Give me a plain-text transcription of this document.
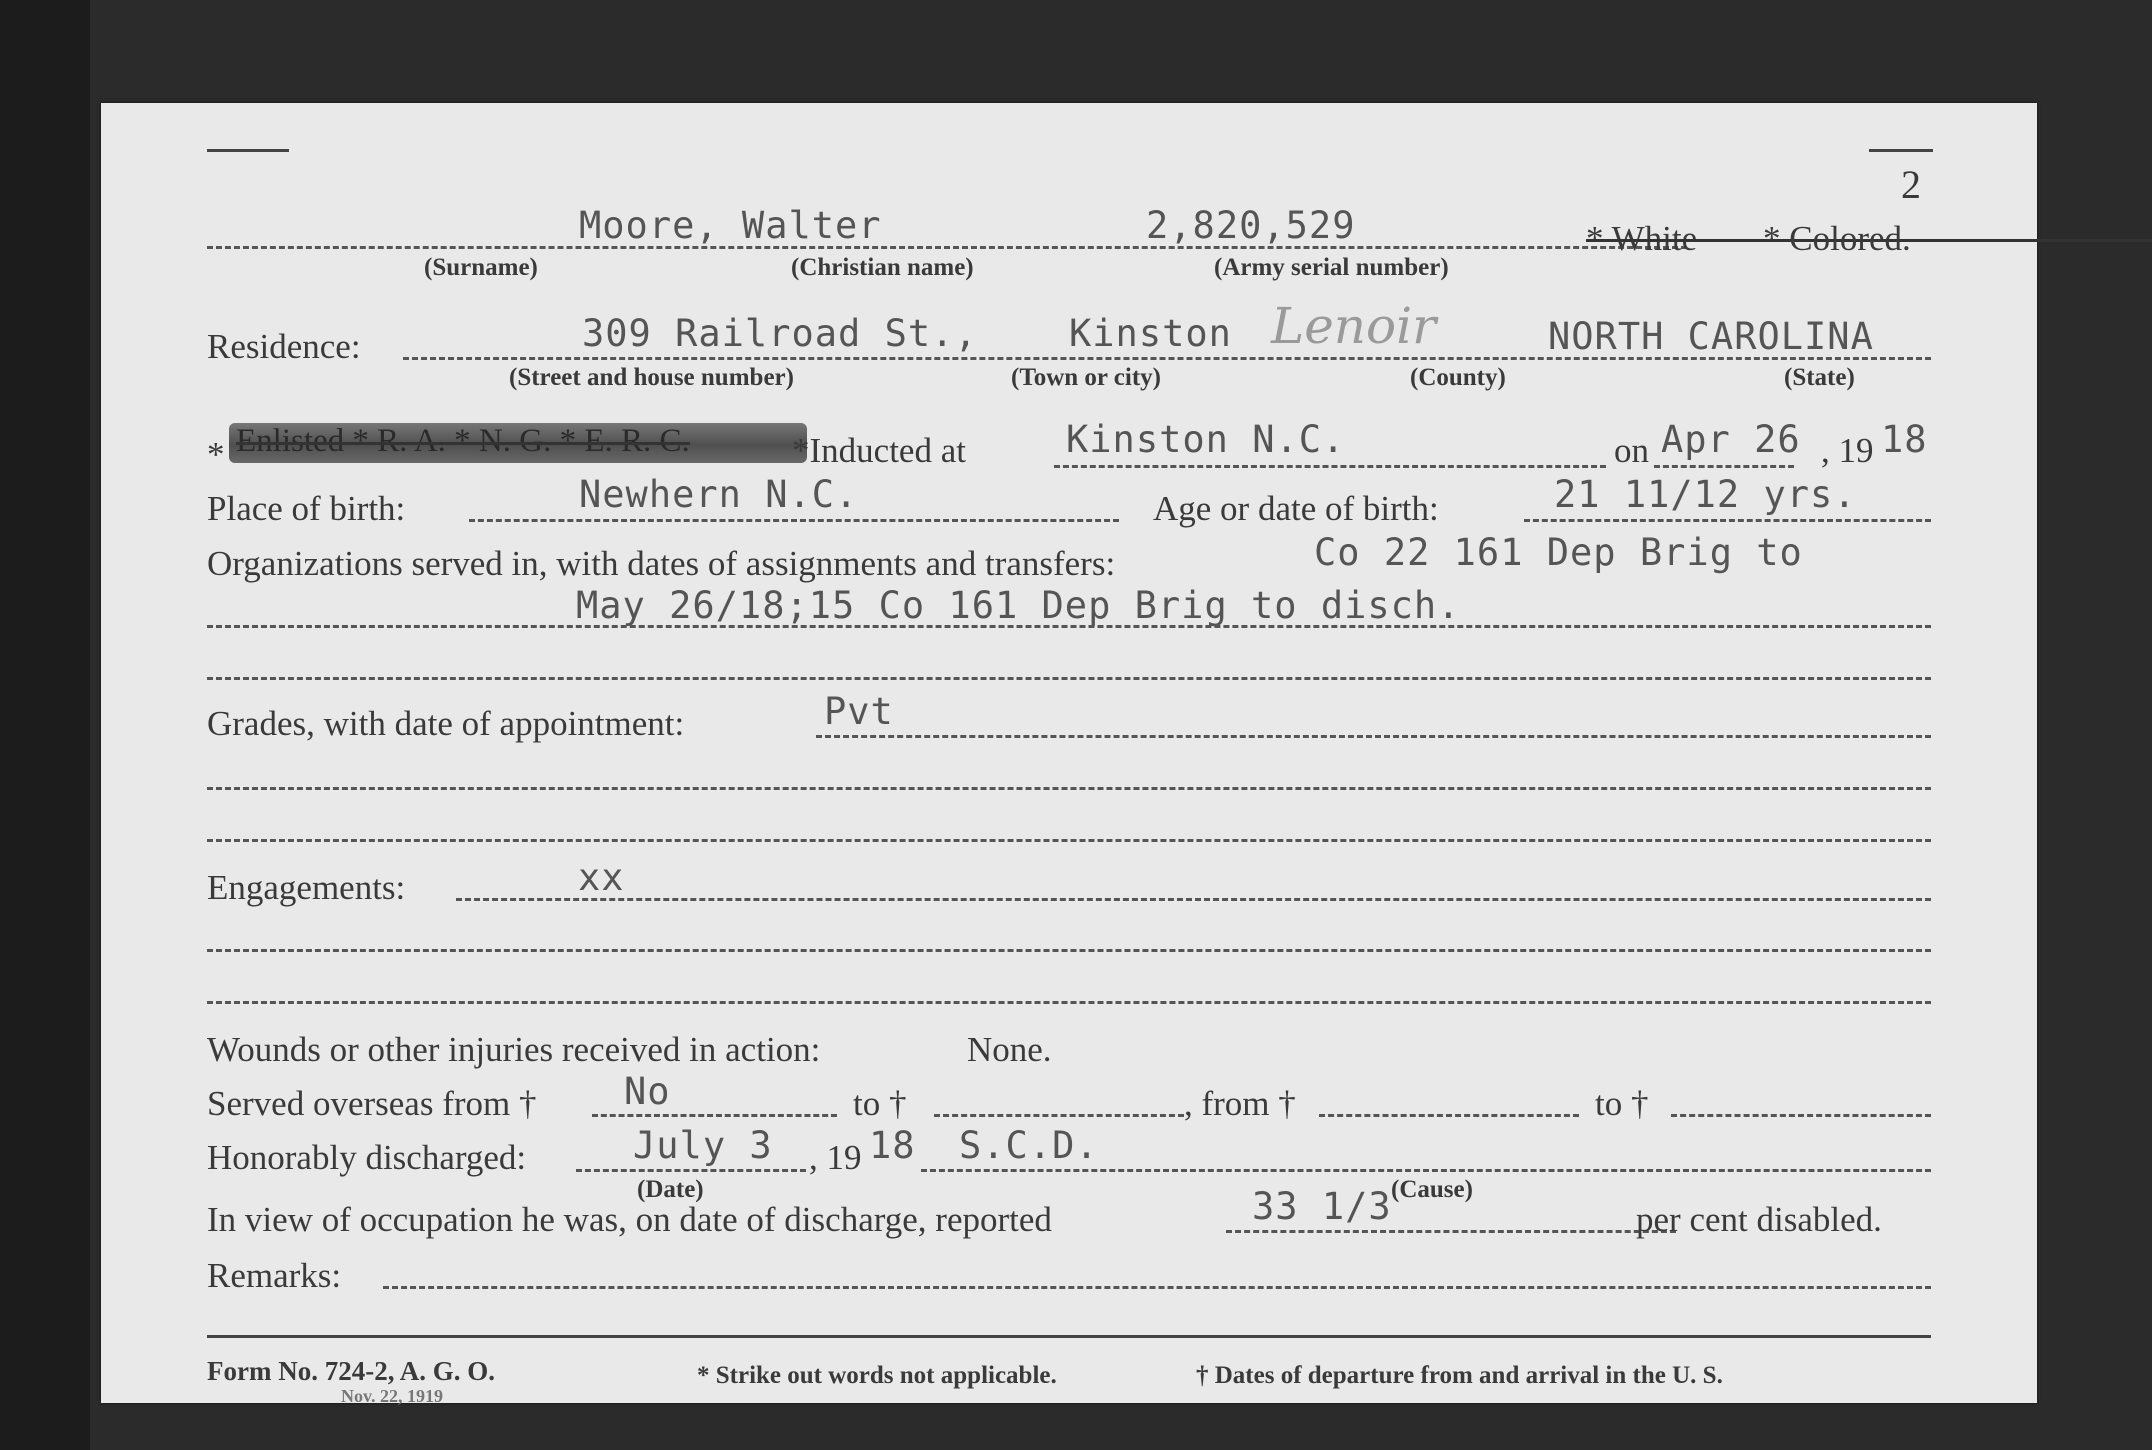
2
Moore, Walter	2,820,529	* White	* Colored.
(Surname)	(Christian name)	(Army serial number)
Residence:	309 Railroad St., Kinston Lenoir	NORTH CAROLINA
(Street and house number)	(Town or city)	(County)	(State)
* Enlisted * R. A. * N. G. * E. R. C.	*Inducted at	Kinston N.C.	on Apr 26 , 19 18
Place of birth:	Newhern N.C.	Age or date of birth:	21 11/12 yrs.
Organizations served in, with dates of assignments and transfers:	Co 22 161 Dep Brig to
May 26/18;15 Co 161 Dep Brig to disch.
Grades, with date of appointment:	Pvt
Engagements:	xx
Wounds or other injuries received in action:	None.
Served overseas from † No	to †	, from †	to †
Honorably discharged:	July 3 , 19 18 S.C.D.
(Date)	(Cause)
In view of occupation he was, on date of discharge, reported	33 1/3	per cent disabled.
Remarks:
Form No. 724-2, A. G. O.
Nov. 22, 1919
* Strike out words not applicable.	† Dates of departure from and arrival in the U. S.
